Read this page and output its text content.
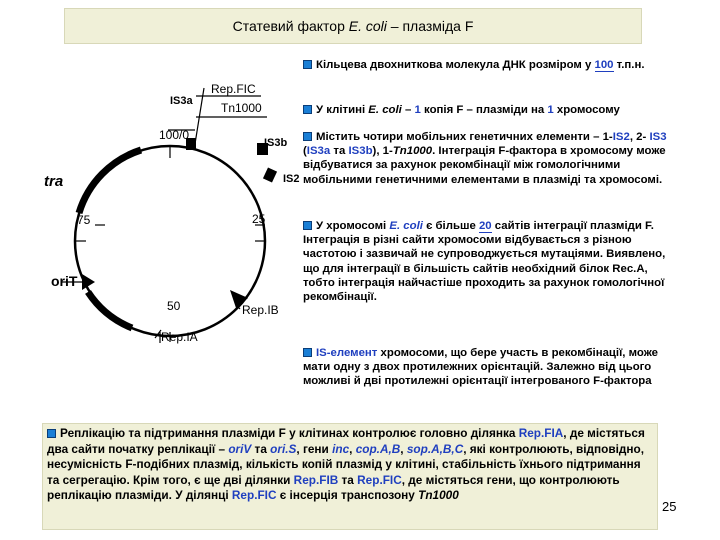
Статевий фактор E. coli – плазміда F
IS3a
Rep.FIC
Tn1000
100/0
IS3b
IS2
tra
75	25
oriT
50	Rep.IB
Rep.IA
Кільцева двохниткова молекула ДНК розміром у 100 т.п.н.
У клітині E. coli – 1 копія F – плазміди на 1 хромосому
Містить чотири мобільних генетичних елементи – 1-IS2, 2- IS3 (IS3a та IS3b), 1-Tn1000. Інтеграція F-фактора в хромосому може відбуватися за рахунок рекомбінації між гомологічними мобільними генетичними елементами в плазміді та хромосомі.
У хромосомі E. coli є більше 20 сайтів інтеграції плазміди F. Інтеграція в різні сайти хромосоми відбувається з різною частотою і зазвичай не супроводжується мутаціями. Виявлено, що для інтеграції в більшість сайтів необхідний білок Rec.A, тобто інтеграція найчастіше проходить за рахунок гомологічної рекомбінації.
IS-елемент хромосоми, що бере участь в рекомбінації, може мати одну з двох протилежних орієнтацій. Залежно від цього можливі й дві протилежні орієнтації інтегрованого F-фактора
Реплікацію та підтримання плазміди F у клітинах контролює головно ділянка Rep.FIA, де містяться два сайти початку реплікації – oriV та ori.S, гени inc, cop.A,B, sop.A,B,C, які контролюють, відповідно, несумісність F-подібних плазмід, кількість копій плазмід у клітині, стабільність їхнього підтримання та сегрегацію. Крім того, є ще дві ділянки Rep.FIB та Rep.FIC, де містяться гени, що контролюють реплікацію плазміди. У ділянці Rep.FIC є інсерція транспозону Tn1000
25
